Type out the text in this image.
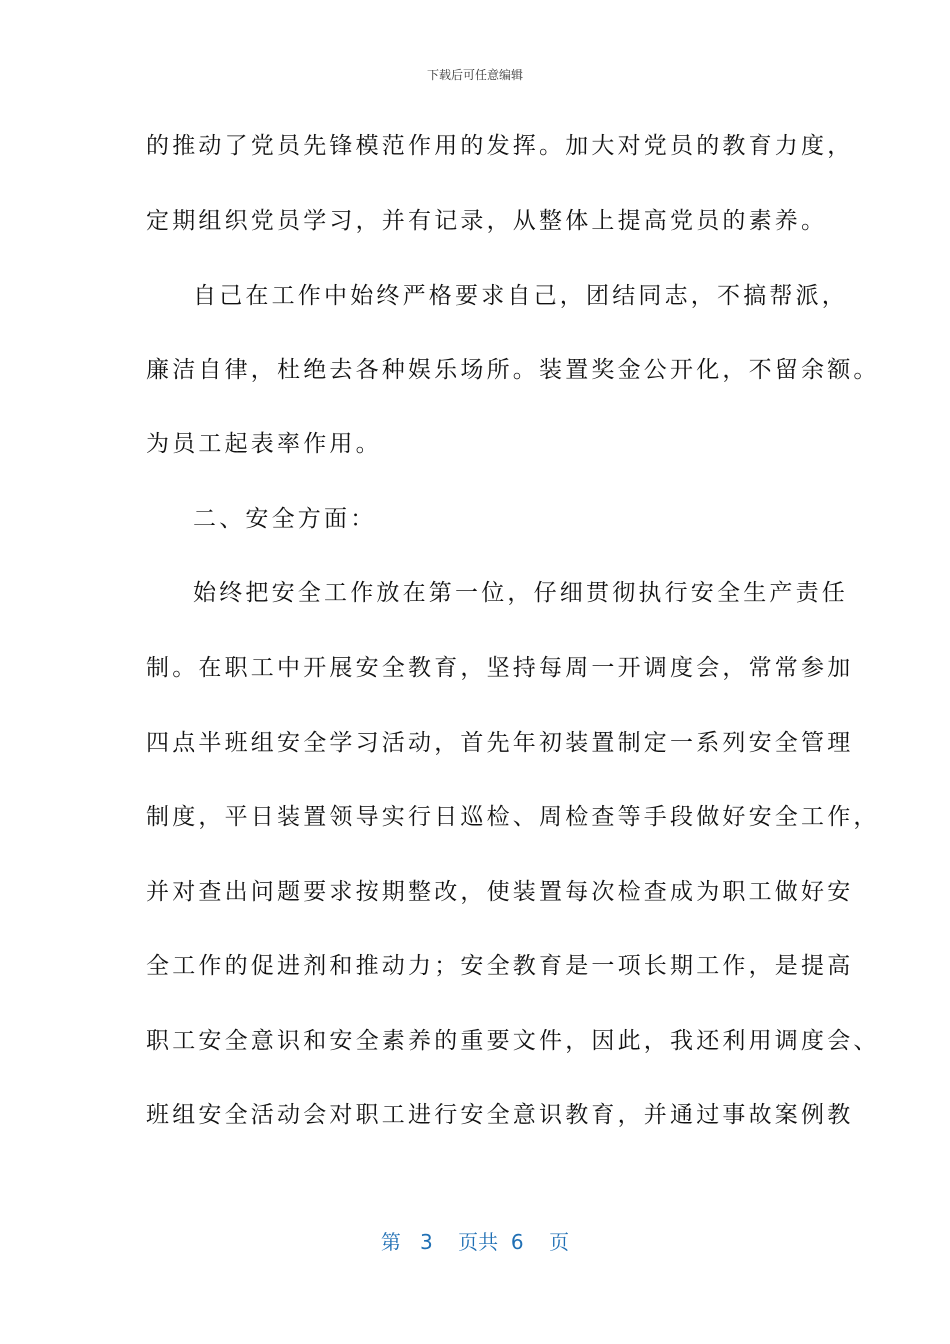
下载后可任意编辑
的推动了党员先锋模范作用的发挥。加大对党员的教育力度，
定期组织党员学习，并有记录，从整体上提高党员的素养。
自己在工作中始终严格要求自己，团结同志，不搞帮派，
廉洁自律，杜绝去各种娱乐场所。装置奖金公开化，不留余额。
为员工起表率作用。
二、安全方面：
始终把安全工作放在第一位，仔细贯彻执行安全生产责任
制。在职工中开展安全教育，坚持每周一开调度会，常常参加
四点半班组安全学习活动，首先年初装置制定一系列安全管理
制度，平日装置领导实行日巡检、周检查等手段做好安全工作，
并对查出问题要求按期整改，使装置每次检查成为职工做好安
全工作的促进剂和推动力；安全教育是一项长期工作，是提高
职工安全意识和安全素养的重要文件，因此，我还利用调度会、
班组安全活动会对职工进行安全意识教育，并通过事故案例教
第 3 页共 6 页
